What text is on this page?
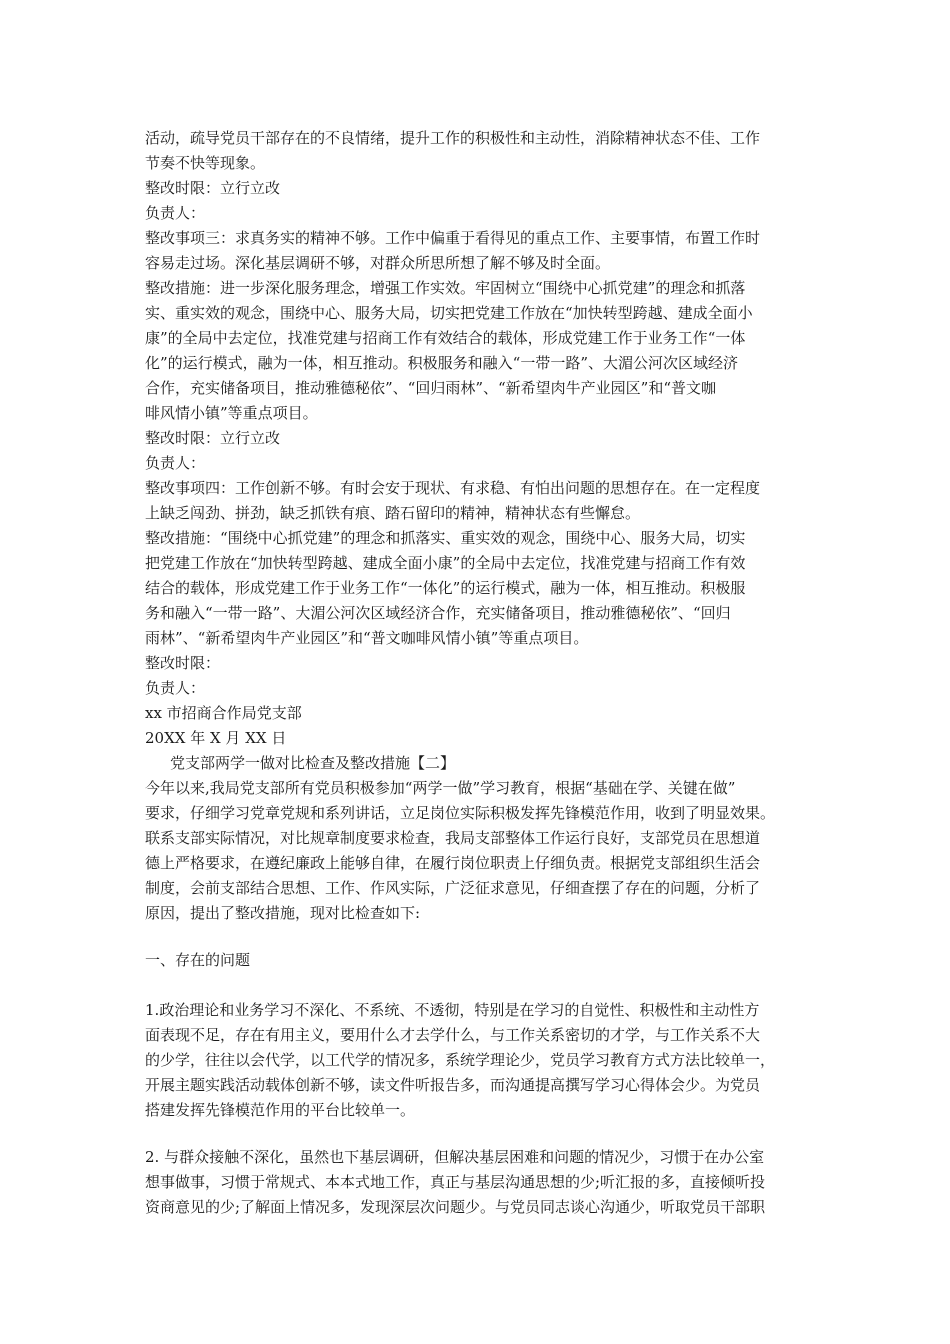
活动，疏导党员干部存在的不良情绪，提升工作的积极性和主动性，消除精神状态不佳、工作
节奏不快等现象。
整改时限：立行立改
负责人：
整改事项三：求真务实的精神不够。工作中偏重于看得见的重点工作、主要事情，布置工作时
容易走过场。深化基层调研不够，对群众所思所想了解不够及时全面。
整改措施：进一步深化服务理念，增强工作实效。牢固树立“围绕中心抓党建”的理念和抓落
实、重实效的观念，围绕中心、服务大局，切实把党建工作放在“加快转型跨越、建成全面小
康”的全局中去定位，找准党建与招商工作有效结合的载体，形成党建工作于业务工作“一体
化”的运行模式，融为一体，相互推动。积极服务和融入“一带一路”、大湄公河次区域经济
合作，充实储备项目，推动雅德秘依”、“回归雨林”、“新希望肉牛产业园区”和“普文咖
啡风情小镇”等重点项目。
整改时限：立行立改
负责人：
整改事项四：工作创新不够。有时会安于现状、有求稳、有怕出问题的思想存在。在一定程度
上缺乏闯劲、拼劲，缺乏抓铁有痕、踏石留印的精神，精神状态有些懈怠。
整改措施：“围绕中心抓党建”的理念和抓落实、重实效的观念，围绕中心、服务大局，切实
把党建工作放在“加快转型跨越、建成全面小康”的全局中去定位，找准党建与招商工作有效
结合的载体，形成党建工作于业务工作“一体化”的运行模式，融为一体，相互推动。积极服
务和融入“一带一路”、大湄公河次区域经济合作，充实储备项目，推动雅德秘依”、“回归
雨林”、“新希望肉牛产业园区”和“普文咖啡风情小镇”等重点项目。
整改时限：
负责人：
xx 市招商合作局党支部
20XX 年 X 月 XX 日
党支部两学一做对比检查及整改措施【二】
今年以来,我局党支部所有党员积极参加“两学一做”学习教育，根据“基础在学、关键在做”
要求，仔细学习党章党规和系列讲话，立足岗位实际积极发挥先锋模范作用，收到了明显效果。
联系支部实际情况，对比规章制度要求检查，我局支部整体工作运行良好，支部党员在思想道
德上严格要求，在遵纪廉政上能够自律，在履行岗位职责上仔细负责。根据党支部组织生活会
制度，会前支部结合思想、工作、作风实际，广泛征求意见，仔细查摆了存在的问题，分析了
原因，提出了整改措施，现对比检查如下:
一、存在的问题
1.政治理论和业务学习不深化、不系统、不透彻，特别是在学习的自觉性、积极性和主动性方
面表现不足，存在有用主义，要用什么才去学什么，与工作关系密切的才学，与工作关系不大
的少学，往往以会代学，以工代学的情况多，系统学理论少，党员学习教育方式方法比较单一，
开展主题实践活动载体创新不够，读文件听报告多，而沟通提高撰写学习心得体会少。为党员
搭建发挥先锋模范作用的平台比较单一。
2. 与群众接触不深化，虽然也下基层调研，但解决基层困难和问题的情况少，习惯于在办公室
想事做事，习惯于常规式、本本式地工作，真正与基层沟通思想的少;听汇报的多，直接倾听投
资商意见的少;了解面上情况多，发现深层次问题少。与党员同志谈心沟通少，听取党员干部职
